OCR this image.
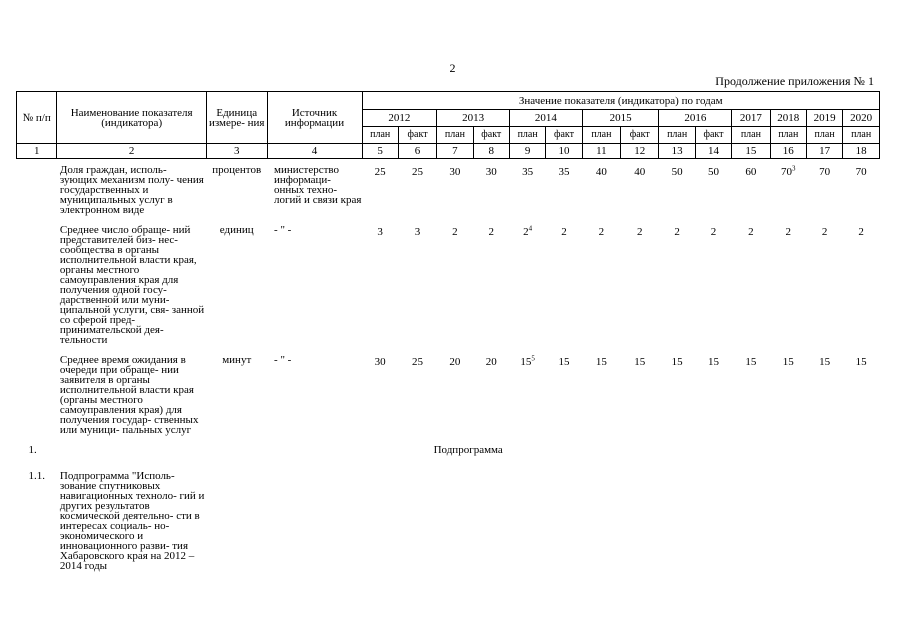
2
Продолжение приложения № 1
№ п/п	Наименование показателя (индикатора)	Единица измере- ния	Источник информации	Значение показателя (индикатора) по годам													
				2012		2013		2014		2015		2016		2017	2018	2019	2020
				план	факт	план	факт	план	факт	план	факт	план	факт	план	план	план	план
1	2	3	4	5	6	7	8	9	10	11	12	13	14	15	16	17	18
	Доля граждан, исполь- зующих механизм полу- чения государственных и муниципальных услуг в электронном виде	процентов	министерство информаци- онных техно- логий и связи края	25	25	30	30	35	35	40	40	50	50	60	$70^3$	70	70
	Среднее число обраще- ний представителей биз- нес-сообщества в органы исполнительной власти края, органы местного самоуправления края для получения одной госу- дарственной или муни- ципальной услуги, свя- занной со сферой пред- принимательской дея- тельности	единиц	- " -	3	3	2	2	$2^4$	2	2	2	2	2	2	2	2	2
	Среднее время ожидания в очереди при обраще- нии заявителя в органы исполнительной власти края (органы местного самоуправления края) для получения государ- ственных или муници- пальных услуг	минут	- " -	30	25	20	20	$15^5$	15	15	15	15	15	15	15	15	15
1.	Подпрограмма																
1.1.	Подпрограмма "Исполь- зование спутниковых навигационных техноло- гий и других результатов космической деятельно- сти в интересах социаль- но-экономического и инновационного разви- тия Хабаровского края на 2012 – 2014 годы																
